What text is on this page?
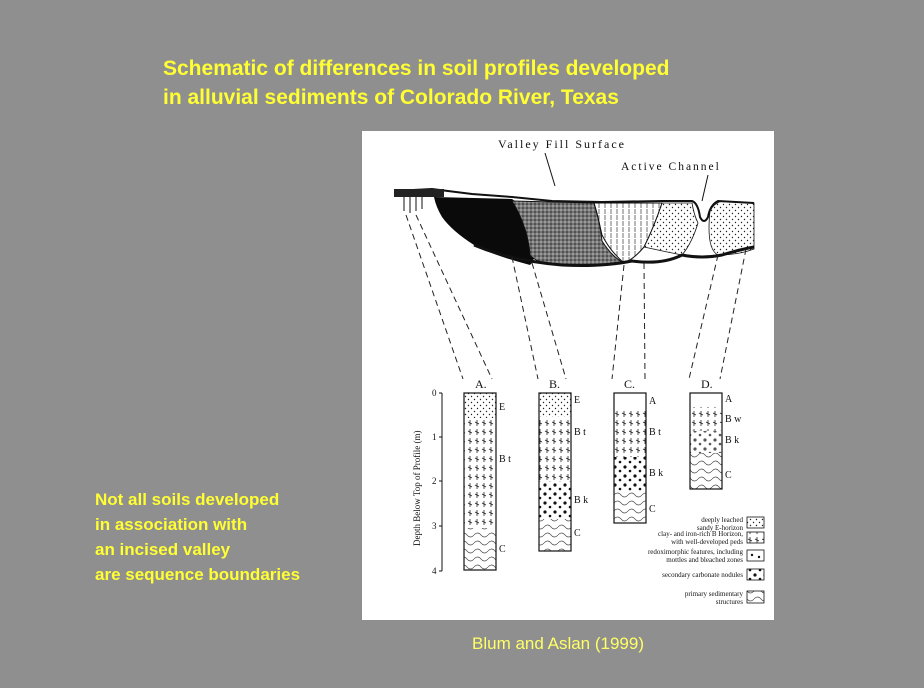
Schematic of differences in soil profiles developed
in alluvial sediments of Colorado River, Texas
Not all soils developed
in association with
an incised valley
are sequence boundaries
Blum and Aslan (1999)
Valley Fill Surface
Active Channel
Depth Below Top of Profile (m)
0
1
2
3
4
A.
E
B t
C
B.
E
B t
B k
C
C.
A
B t
B k
C
D.
A
B w
B k
C
deeply leached
sandy E-horizon
clay- and iron-rich B Horizon,
with well-developed peds
redoximorphic features, including
mottles and bleached zones
secondary carbonate nodules
primary sedimentary
structures
